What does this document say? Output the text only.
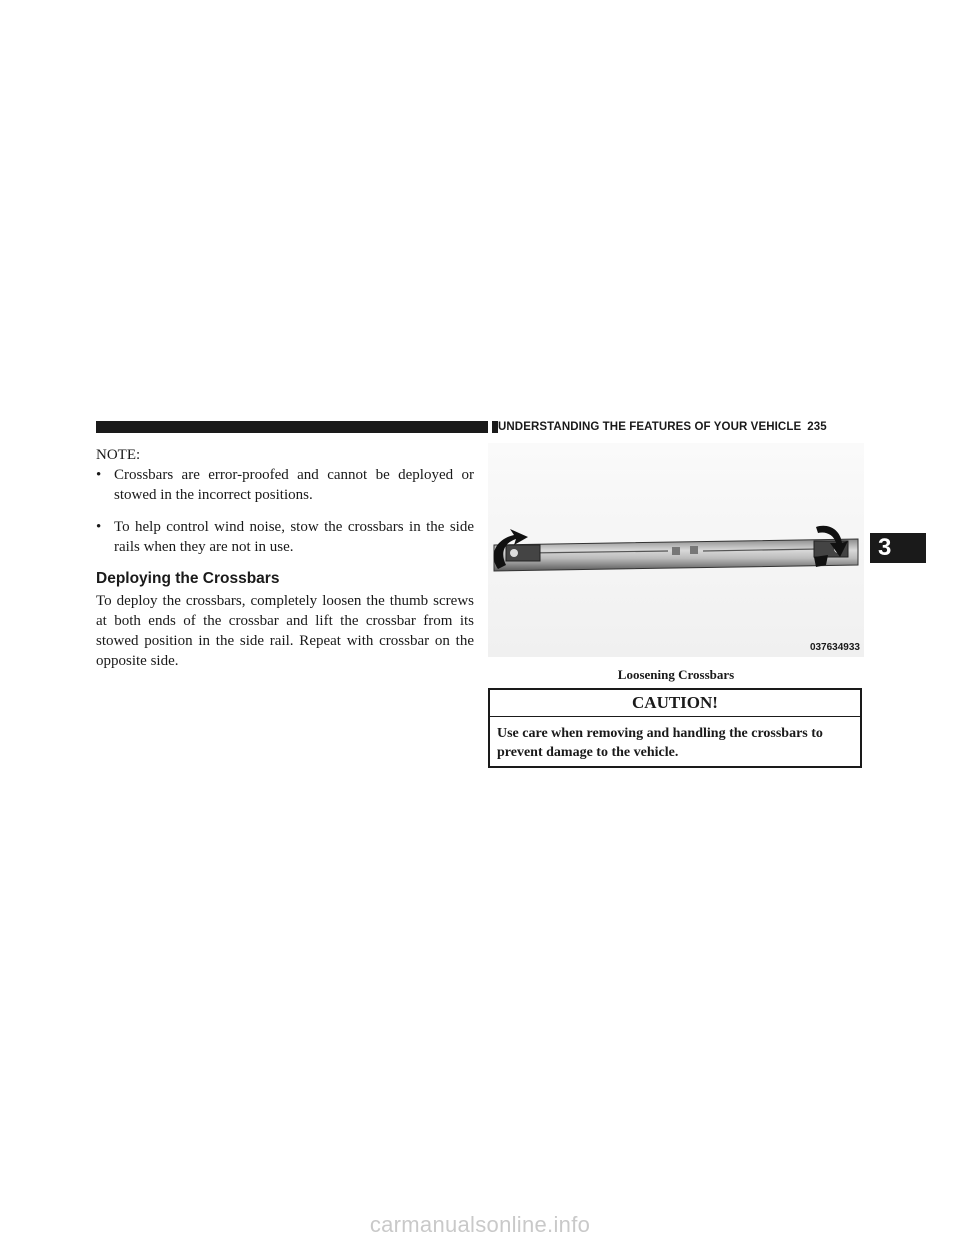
UNDERSTANDING THE FEATURES OF YOUR VEHICLE 235

NOTE:

• Crossbars are error-proofed and cannot be deployed or stowed in the incorrect positions.

• To help control wind noise, stow the crossbars in the side rails when they are not in use.

Deploying the Crossbars

To deploy the crossbars, completely loosen the thumb screws at both ends of the crossbar and lift the crossbar from its stowed position in the side rail. Repeat with crossbar on the opposite side.

037634933
Loosening Crossbars
CAUTION!
Use care when removing and handling the crossbars to prevent damage to the vehicle.
3
carmanualsonline.info
